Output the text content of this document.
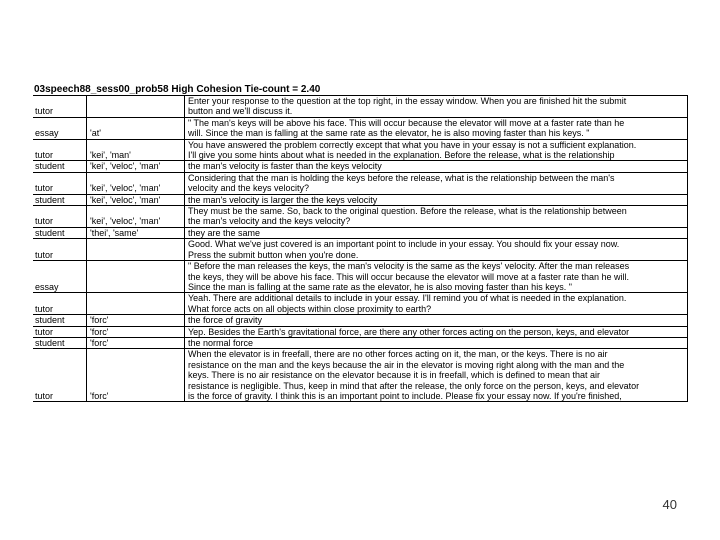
03speech88_sess00_prob58 High Cohesion Tie-count = 2.40
tutor		Enter your response to the question at the top right, in the essay window. When you are finished hit the submit
button and we'll discuss it.
essay	'at'	" The man's keys will be above his face. This will occur because the elevator will move at a faster rate than he
will. Since the man is falling at the same rate as the elevator, he is also moving faster than his keys. "
tutor	'kei', 'man'	You have answered the problem correctly except that what you have in your essay is not a sufficient explanation.
I'll give you some hints about what is needed in the explanation. Before the release, what is the relationship
student	'kei', 'veloc', 'man'	the man's velocity is faster than the keys velocity
tutor	'kei', 'veloc', 'man'	Considering that the man is holding the keys before the release, what is the relationship between the man's
velocity and the keys velocity?
student	'kei', 'veloc', 'man'	the man's velocity is larger the the keys velocity
tutor	'kei', 'veloc', 'man'	They must be the same. So, back to the original question. Before the release, what is the relationship between
the man's velocity and the keys velocity?
student	'thei', 'same'	they are the same
tutor		Good. What we've just covered is an important point to include in your essay. You should fix your essay now.
Press the submit button when you're done.
essay		" Before the man releases the keys, the man's velocity is the same as the keys' velocity. After the man releases
the keys, they will be above his face. This will occur because the elevator will move at a faster rate than he will.
Since the man is falling at the same rate as the elevator, he is also moving faster than his keys. "
tutor		Yeah. There are additional details to include in your essay. I'll remind you of what is needed in the explanation.
What force acts on all objects within close proximity to earth?
student	'forc'	the force of gravity
tutor	'forc'	Yep. Besides the Earth's gravitational force, are there any other forces acting on the person, keys, and elevator
student	'forc'	the normal force
tutor	'forc'	When the elevator is in freefall, there are no other forces acting on it, the man, or the keys. There is no air
resistance on the man and the keys because the air in the elevator is moving right along with the man and the
keys. There is no air resistance on the elevator because it is in freefall, which is defined to mean that air
resistance is negligible. Thus, keep in mind that after the release, the only force on the person, keys, and elevator
is the force of gravity. I think this is an important point to include. Please fix your essay now. If you're finished,
40
